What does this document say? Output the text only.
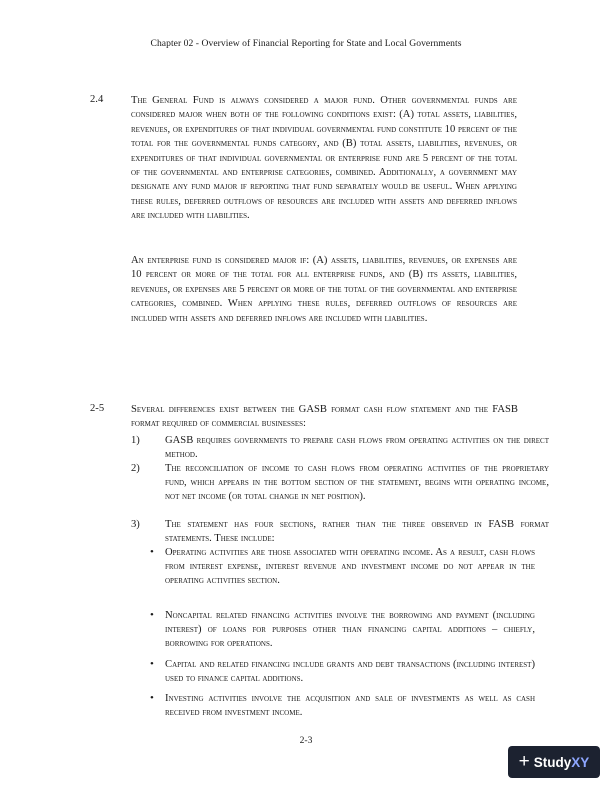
Chapter 02 - Overview of Financial Reporting for State and Local Governments
2.4	The General Fund is always considered a major fund. Other governmental funds are considered major when both of the following conditions exist: (A) total assets, liabilities, revenues, or expenditures of that individual governmental fund constitute 10 percent of the total for the governmental funds category, and (B) total assets, liabilities, revenues, or expenditures of that individual governmental or enterprise fund are 5 percent of the total of the governmental and enterprise categories, combined. Additionally, a government may designate any fund major if reporting that fund separately would be useful. When applying these rules, deferred outflows of resources are included with assets and deferred inflows are included with liabilities.
An enterprise fund is considered major if: (A) assets, liabilities, revenues, or expenses are 10 percent or more of the total for all enterprise funds, and (B) its assets, liabilities, revenues, or expenses are 5 percent or more of the total of the governmental and enterprise categories, combined. When applying these rules, deferred outflows of resources are included with assets and deferred inflows are included with liabilities.
2-5	Several differences exist between the GASB format cash flow statement and the FASB format required of commercial businesses:
1) GASB requires governments to prepare cash flows from operating activities on the direct method.
2) The reconciliation of income to cash flows from operating activities of the proprietary fund, which appears in the bottom section of the statement, begins with operating income, not net income (or total change in net position).
3) The statement has four sections, rather than the three observed in FASB format statements. These include:
• Operating activities are those associated with operating income. As a result, cash flows from interest expense, interest revenue and investment income do not appear in the operating activities section.
• Noncapital related financing activities involve the borrowing and payment (including interest) of loans for purposes other than financing capital additions – chiefly, borrowing for operations.
• Capital and related financing include grants and debt transactions (including interest) used to finance capital additions.
• Investing activities involve the acquisition and sale of investments as well as cash received from investment income.
2-3
+ StudyXY
